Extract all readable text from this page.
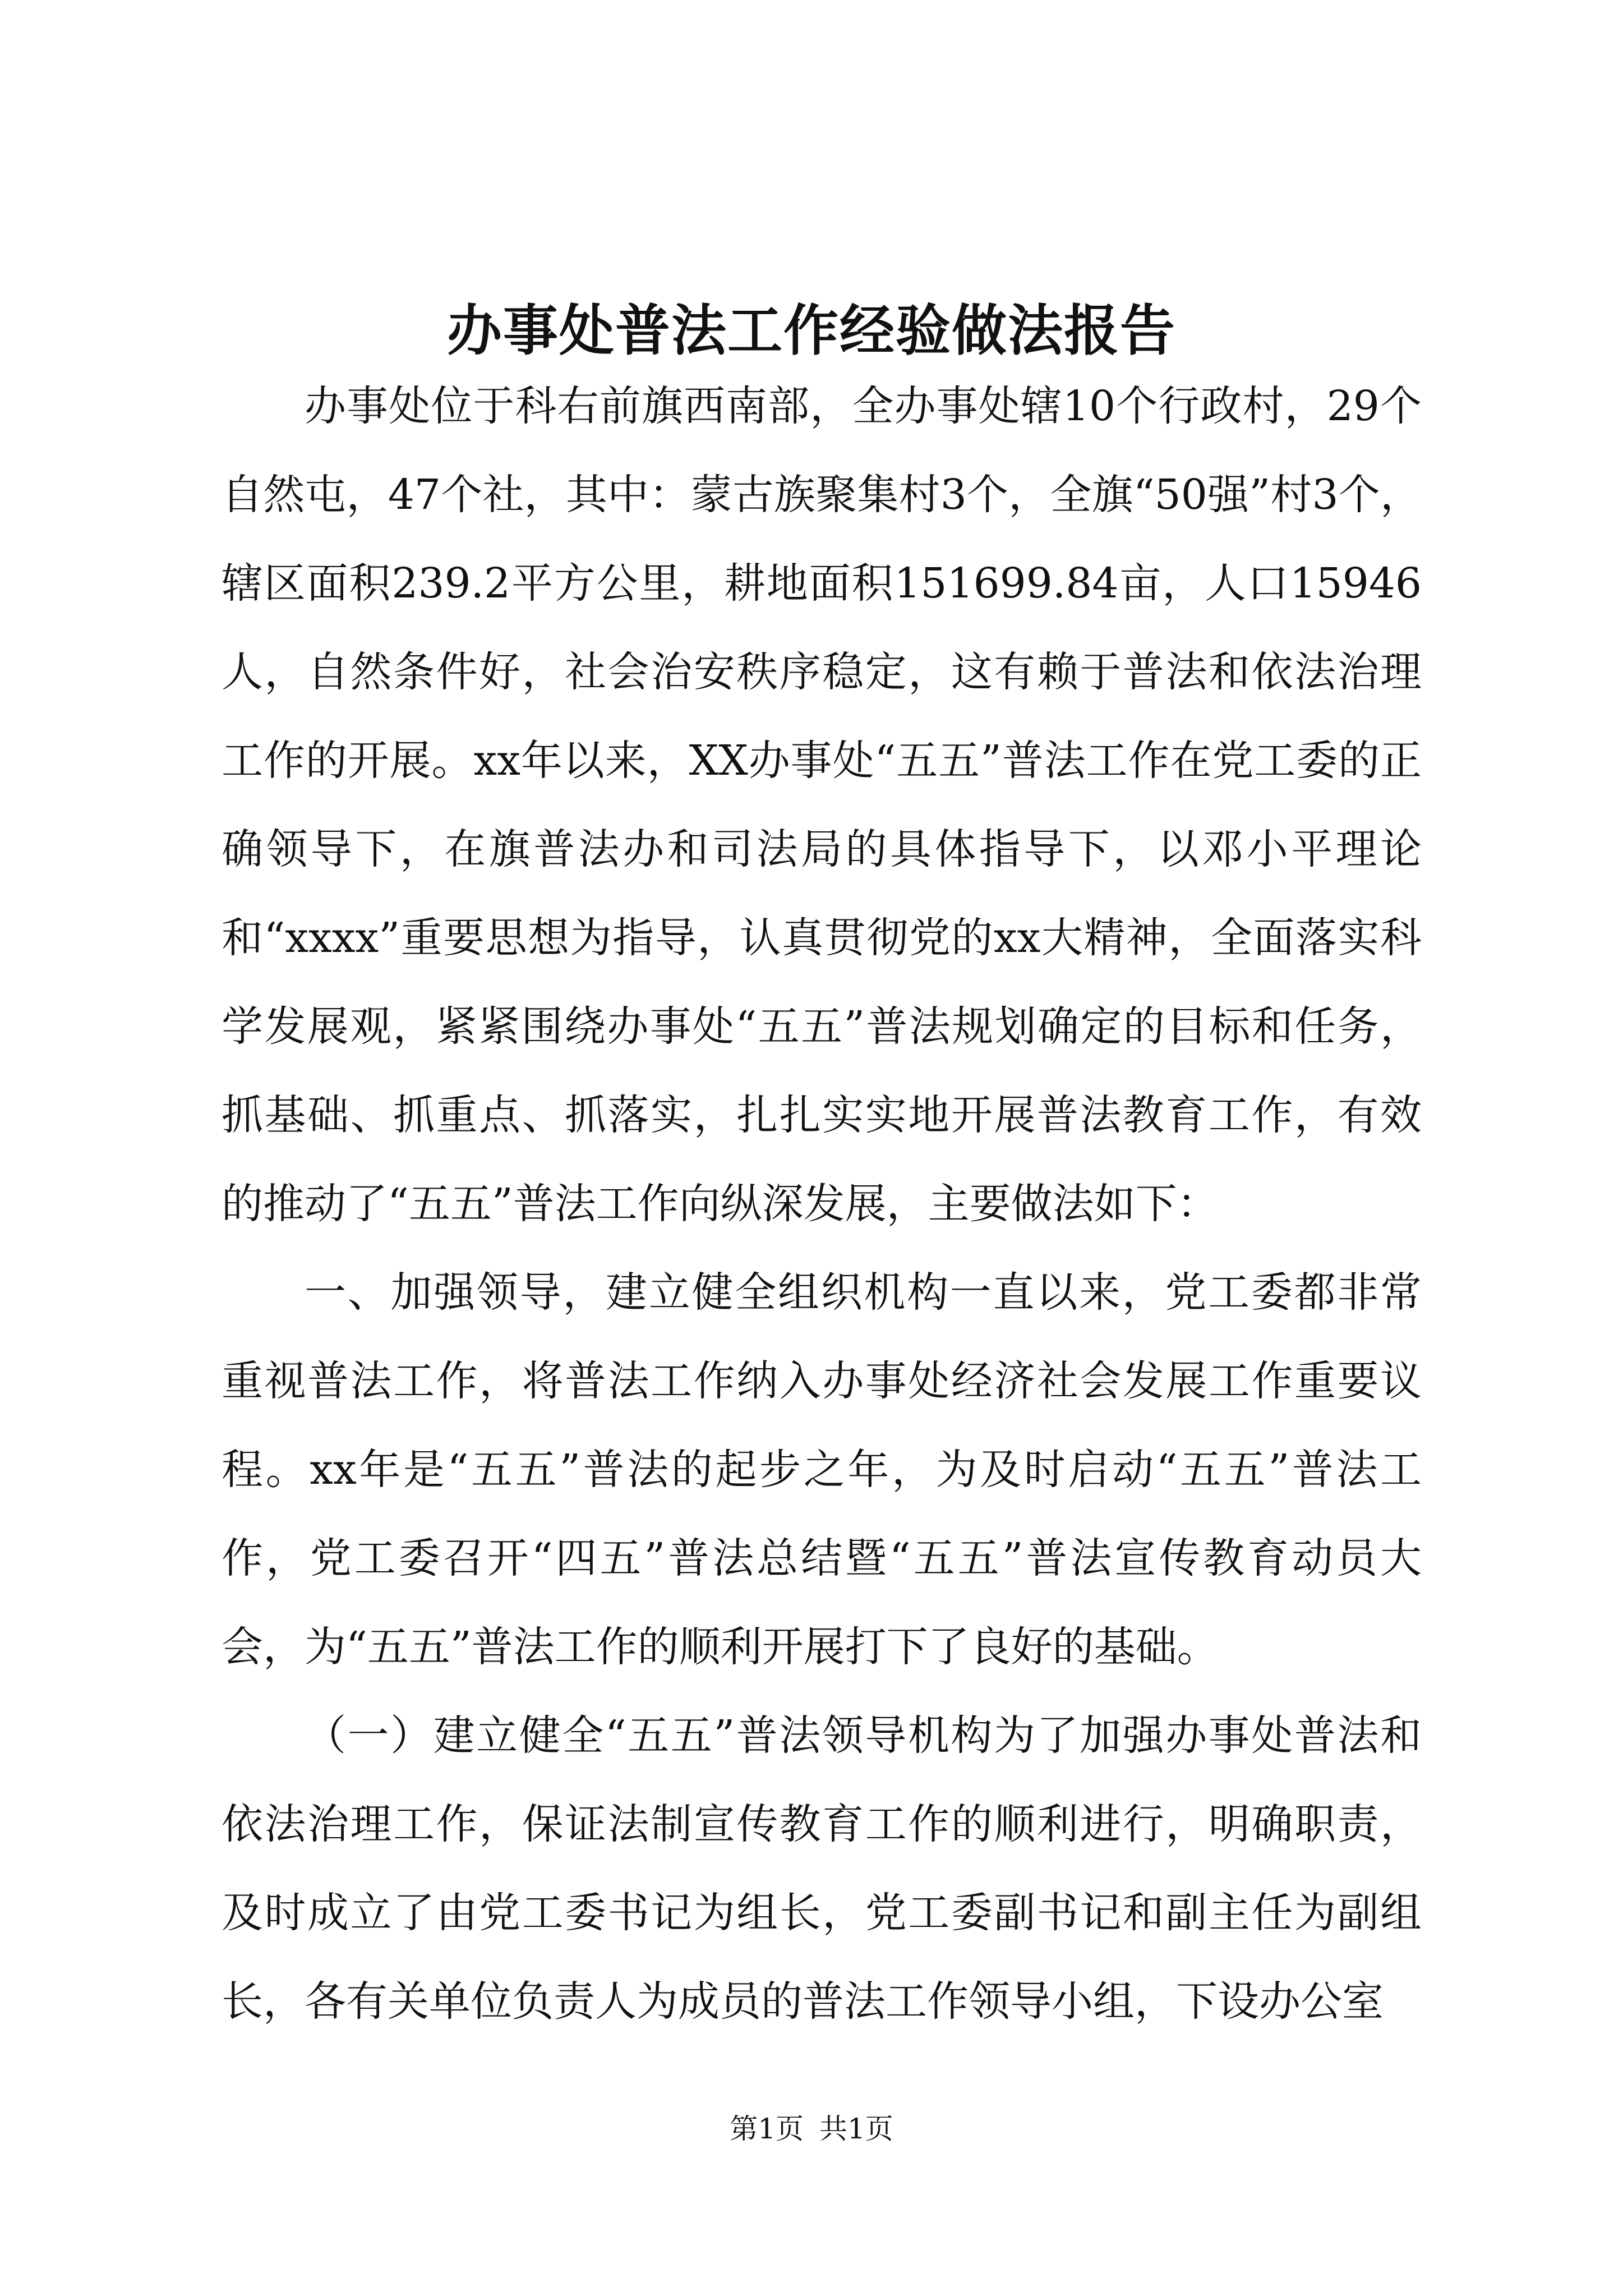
办事处普法工作经验做法报告

办事处位于科右前旗西南部，全办事处辖10个行政村，29个自然屯，47个社，其中：蒙古族聚集村3个，全旗“50强”村3个，辖区面积239.2平方公里，耕地面积151699.84亩，人口15946人，自然条件好，社会治安秩序稳定，这有赖于普法和依法治理工作的开展。xx年以来，XX办事处“五五”普法工作在党工委的正确领导下，在旗普法办和司法局的具体指导下，以邓小平理论和“xxxx”重要思想为指导，认真贯彻党的xx大精神，全面落实科学发展观，紧紧围绕办事处“五五”普法规划确定的目标和任务，抓基础、抓重点、抓落实，扎扎实实地开展普法教育工作，有效的推动了“五五”普法工作向纵深发展，主要做法如下：

一、加强领导，建立健全组织机构一直以来，党工委都非常重视普法工作，将普法工作纳入办事处经济社会发展工作重要议程。xx年是“五五”普法的起步之年，为及时启动“五五”普法工作，党工委召开“四五”普法总结暨“五五”普法宣传教育动员大会，为“五五”普法工作的顺利开展打下了良好的基础。

（一）建立健全“五五”普法领导机构为了加强办事处普法和依法治理工作，保证法制宣传教育工作的顺利进行，明确职责，及时成立了由党工委书记为组长，党工委副书记和副主任为副组长，各有关单位负责人为成员的普法工作领导小组，下设办公室

第1页 共1页
